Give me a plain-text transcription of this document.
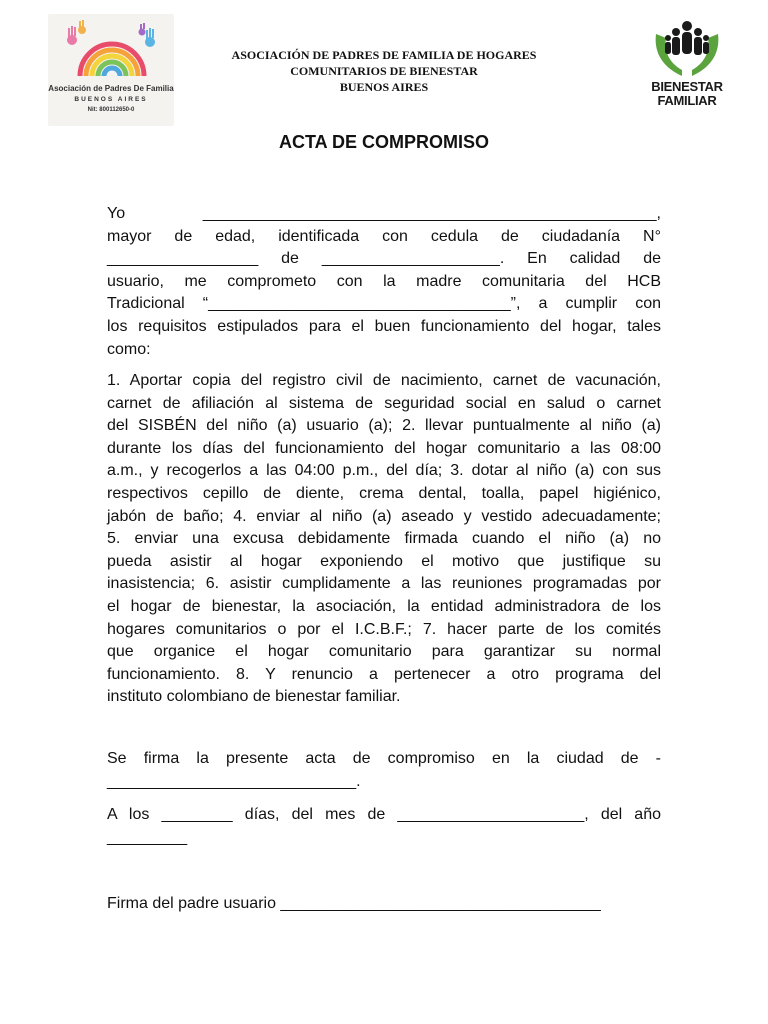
Asociación de Padres De Familia
BUENOS AIRES
Nit: 800112650-0
ASOCIACIÓN DE PADRES DE FAMILIA DE HOGARES
COMUNITARIOS DE BIENESTAR
BUENOS AIRES	BIENESTAR
FAMILIAR
ACTA DE COMPROMISO
Yo ___________________________________________________,
mayor de edad, identificada con cedula de ciudadanía N°
_________________ de ____________________. En calidad de
usuario, me comprometo con la madre comunitaria del HCB
Tradicional “__________________________________”, a cumplir con
los requisitos estipulados para el buen funcionamiento del hogar, tales
como:
1. Aportar copia del registro civil de nacimiento, carnet de vacunación,
carnet de afiliación al sistema de seguridad social en salud o carnet
del SISBÉN del niño (a) usuario (a); 2. llevar puntualmente al niño (a)
durante los días del funcionamiento del hogar comunitario a las 08:00
a.m., y recogerlos a las 04:00 p.m., del día; 3. dotar al niño (a) con sus
respectivos cepillo de diente, crema dental, toalla, papel higiénico,
jabón de baño; 4. enviar al niño (a) aseado y vestido adecuadamente;
5. enviar una excusa debidamente firmada cuando el niño (a) no
pueda asistir al hogar exponiendo el motivo que justifique su
inasistencia; 6. asistir cumplidamente a las reuniones programadas por
el hogar de bienestar, la asociación, la entidad administradora de los
hogares comunitarios o por el I.C.B.F.; 7. hacer parte de los comités
que organice el hogar comunitario para garantizar su normal
funcionamiento. 8. Y renuncio a pertenecer a otro programa del
instituto colombiano de bienestar familiar.
Se firma la presente acta de compromiso en la ciudad de -
____________________________.
A los ________ días, del mes de _____________________, del año
_________
Firma del padre usuario ____________________________________
